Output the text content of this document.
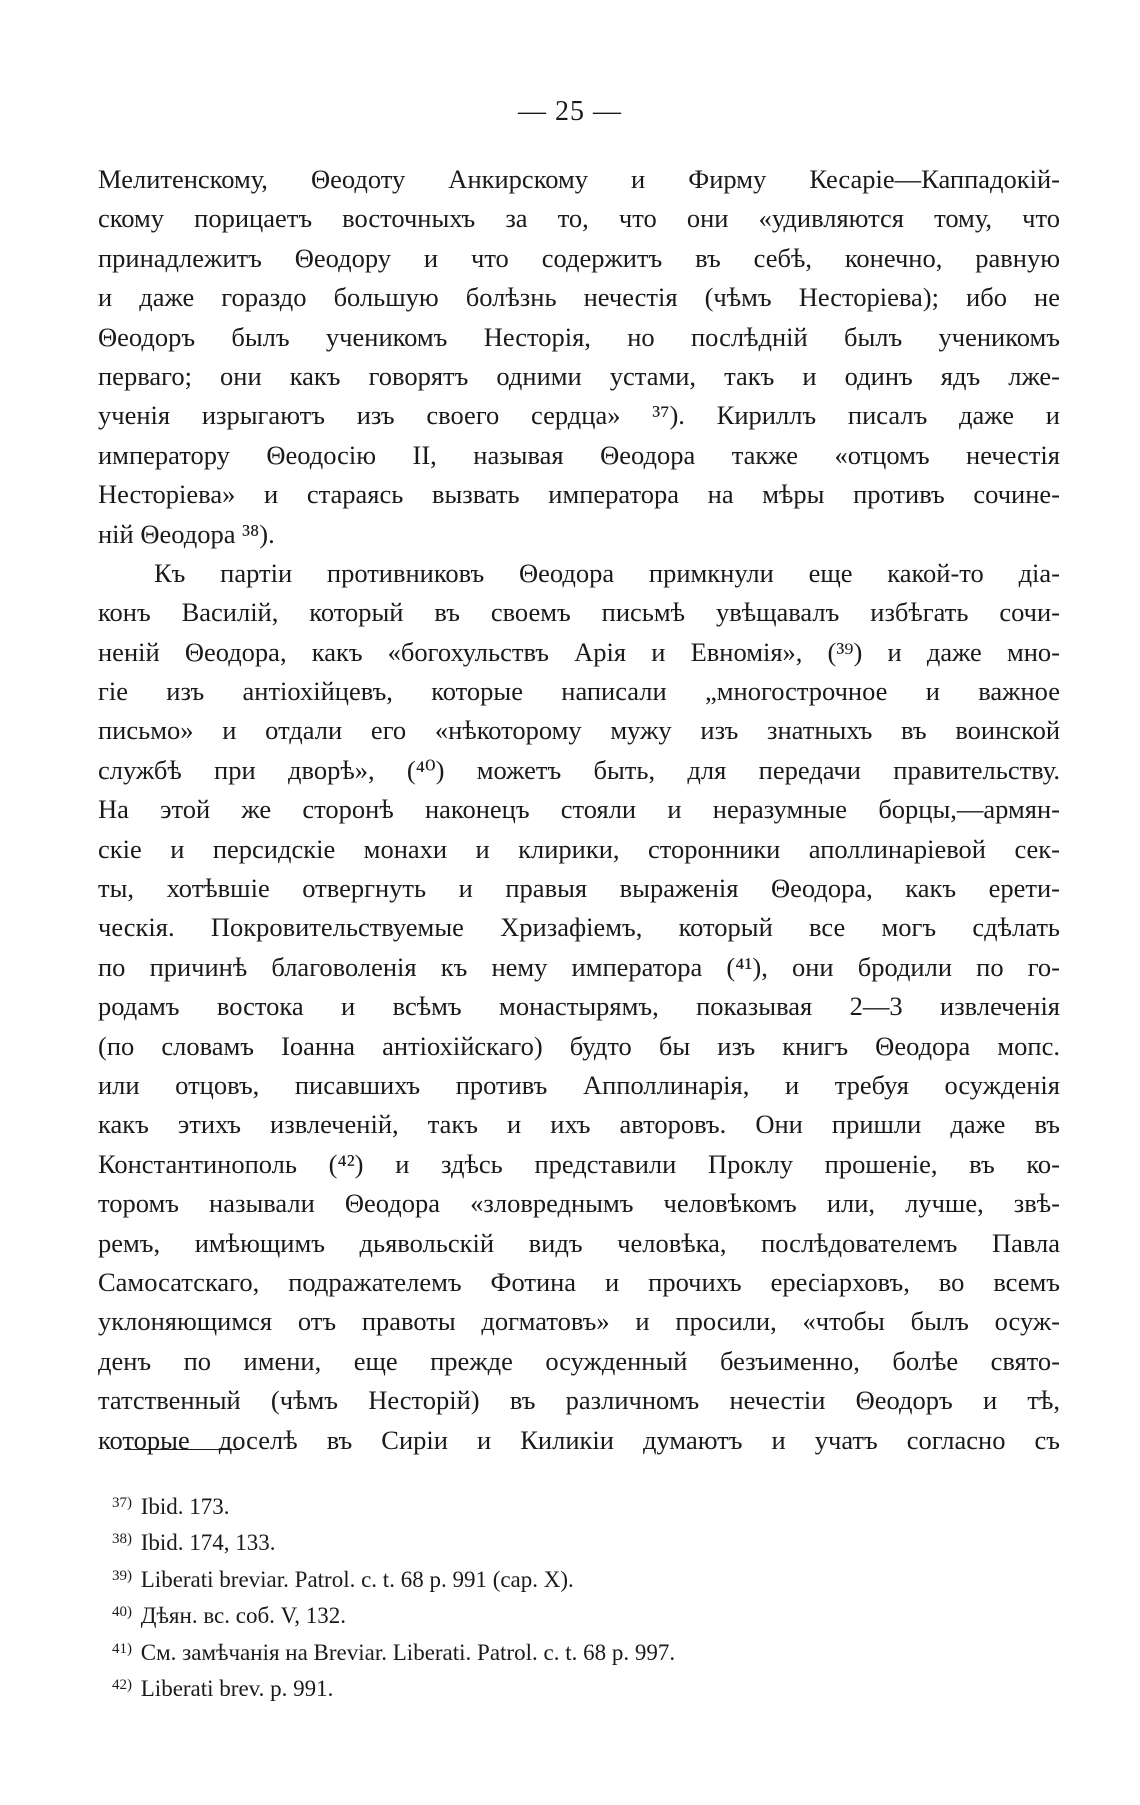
— 25 —
Мелитенскому, Θеодоту Анкирскому и Фирму Кесаріе—Каппадокій-
скому порицаетъ восточныхъ за то, что они «удивляются тому, что
принадлежитъ Θеодору и что содержитъ въ себѣ, конечно, равную
и даже гораздо большую болѣзнь нечестія (чѣмъ Несторіева); ибо не
Θеодоръ былъ ученикомъ Несторія, но послѣдній былъ ученикомъ
перваго; они какъ говорятъ одними устами, такъ и одинъ ядъ лже-
ученія изрыгаютъ изъ своего сердца» ³⁷). Кириллъ писалъ даже и
императору Θеодосію II, называя Θеодора также «отцомъ нечестія
Несторіева» и стараясь вызвать императора на мѣры противъ сочине-
ній Θеодора ³⁸).
Къ партіи противниковъ Θеодора примкнули еще какой-то діа-
конъ Василій, который въ своемъ письмѣ увѣщавалъ избѣгать сочи-
неній Θеодора, какъ «богохульствъ Арія и Евномія», (³⁹) и даже мно-
гіе изъ антіохійцевъ, которые написали „многострочное и важное
письмо» и отдали его «нѣкоторому мужу изъ знатныхъ въ воинской
службѣ при дворѣ», (⁴⁰) можетъ быть, для передачи правительству.
На этой же сторонѣ наконецъ стояли и неразумные борцы,—армян-
скіе и персидскіе монахи и клирики, сторонники аполлинаріевой сек-
ты, хотѣвшіе отвергнуть и правыя выраженія Θеодора, какъ ерети-
ческія. Покровительствуемые Хризафіемъ, который все могъ сдѣлать
по причинѣ благоволенія къ нему императора (⁴¹), они бродили по го-
родамъ востока и всѣмъ монастырямъ, показывая 2—3 извлеченія
(по словамъ Іоанна антіохійскаго) будто бы изъ книгъ Θеодора мопс.
или отцовъ, писавшихъ противъ Апполлинарія, и требуя осужденія
какъ этихъ извлеченій, такъ и ихъ авторовъ. Они пришли даже въ
Константинополь (⁴²) и здѣсь представили Проклу прошеніе, въ ко-
торомъ называли Θеодора «зловреднымъ человѣкомъ или, лучше, звѣ-
ремъ, имѣющимъ дьявольскій видъ человѣка, послѣдователемъ Павла
Самосатскаго, подражателемъ Фотина и прочихъ ересіарховъ, во всемъ
уклоняющимся отъ правоты догматовъ» и просили, «чтобы былъ осуж-
денъ по имени, еще прежде осужденный безъименно, болѣе свято-
татственный (чѣмъ Несторій) въ различномъ нечестіи Θеодоръ и тѣ,
которые доселѣ въ Сиріи и Киликіи думаютъ и учатъ согласно съ
37) Ibid. 173.
38) Ibid. 174, 133.
39) Liberati breviar. Patrol. c. t. 68 p. 991 (cap. X).
40) Дѣян. вс. соб. V, 132.
41) См. замѣчанія на Breviar. Liberati. Patrol. c. t. 68 p. 997.
42) Liberati brev. p. 991.
